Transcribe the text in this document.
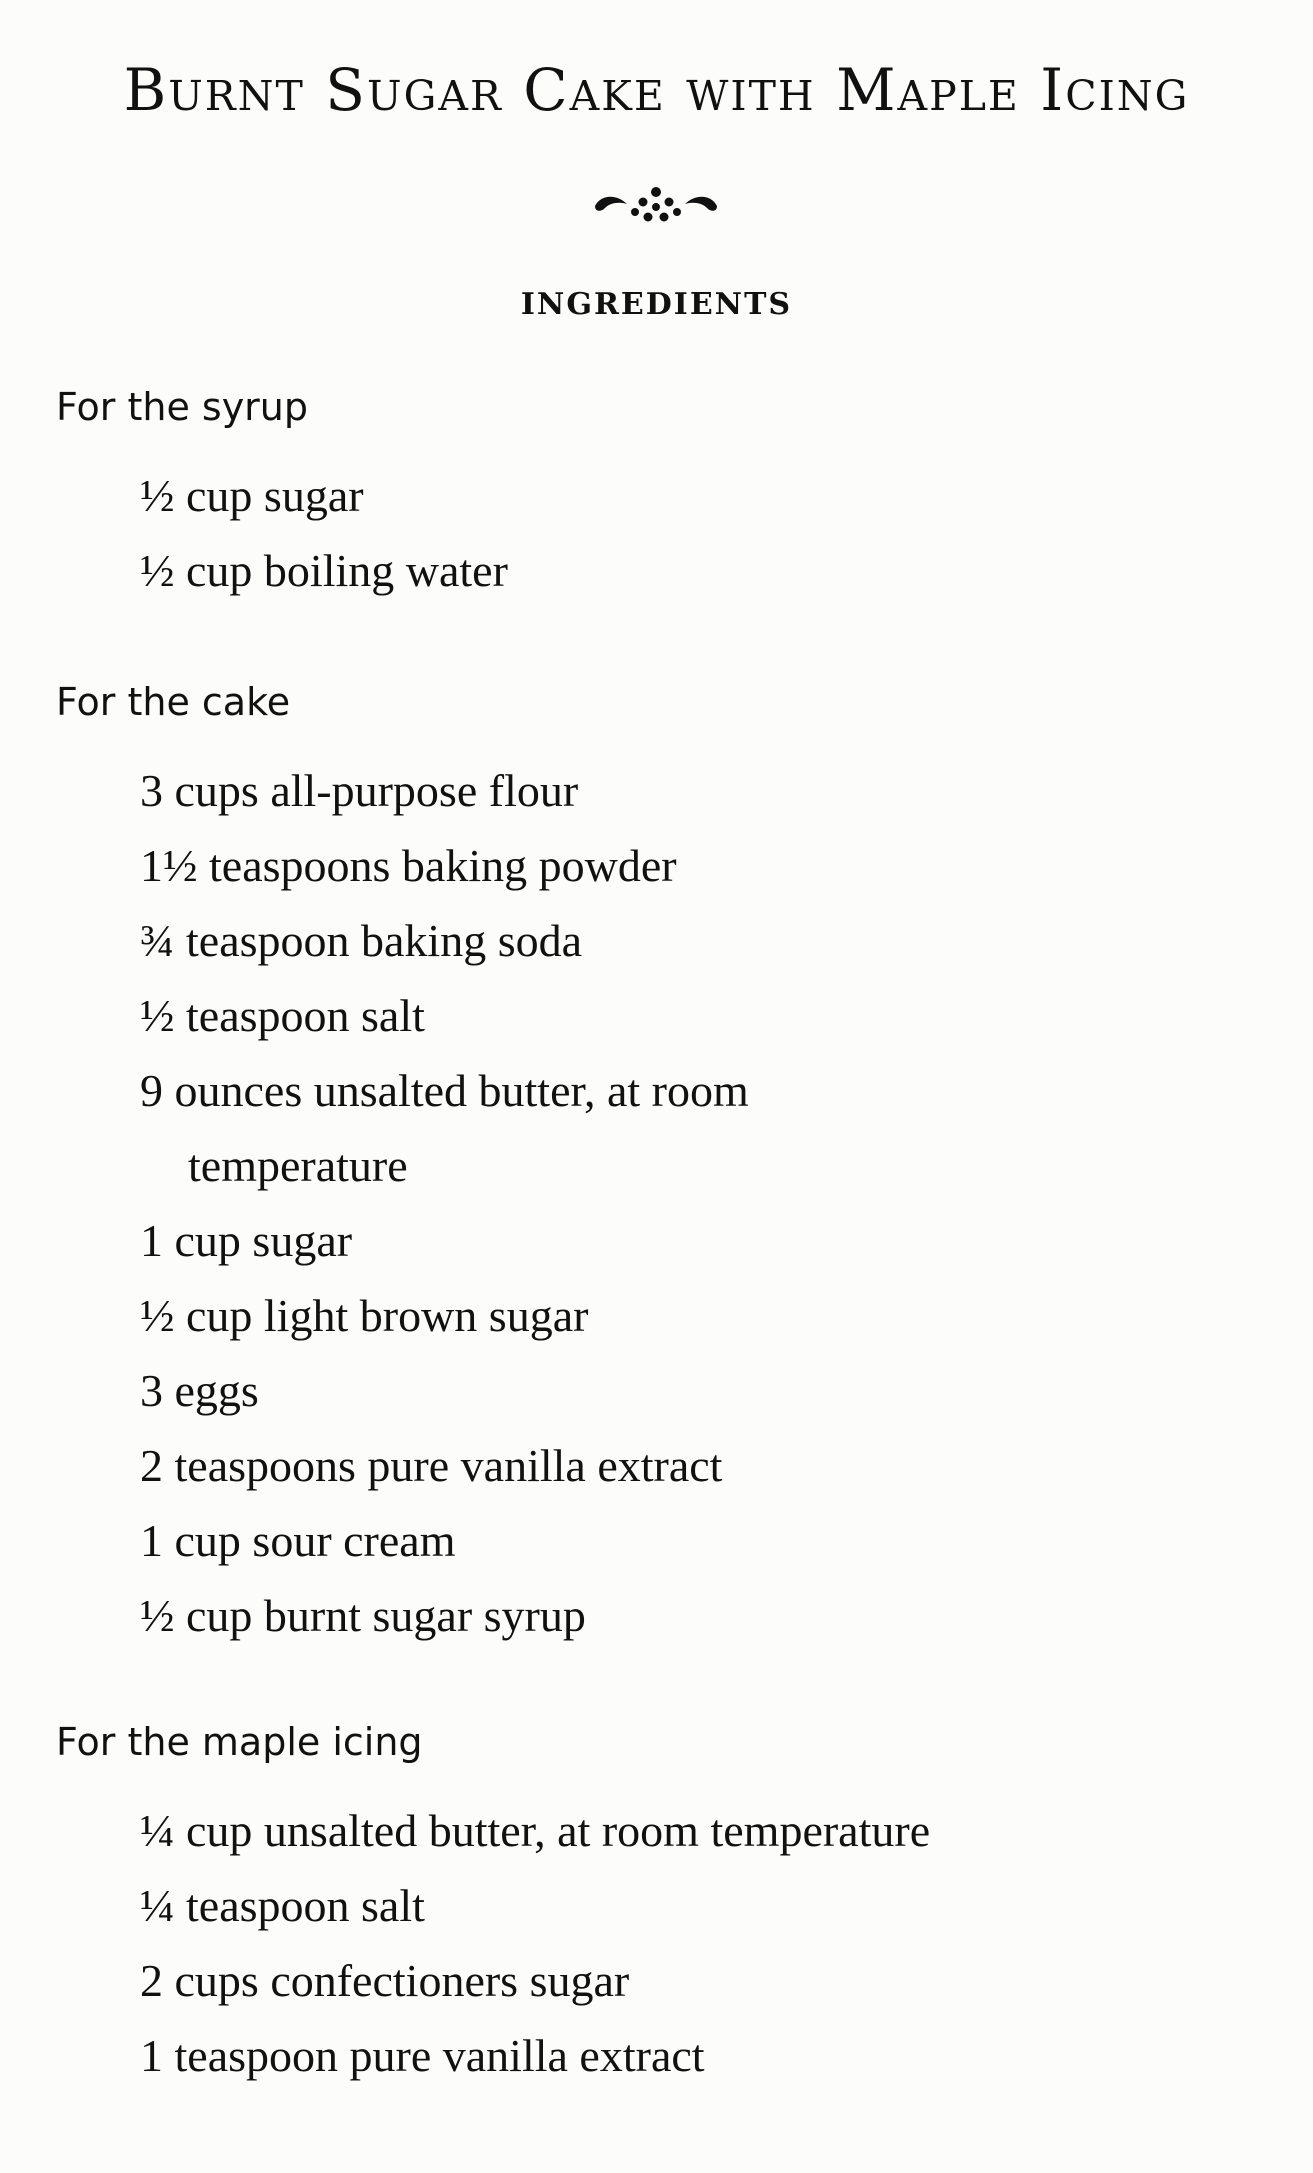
Burnt Sugar Cake with Maple Icing
INGREDIENTS

For the syrup

½ cup sugar
½ cup boiling water

For the cake

3 cups all-purpose flour
1½ teaspoons baking powder
¾ teaspoon baking soda
½ teaspoon salt
9 ounces unsalted butter, at room temperature
1 cup sugar
½ cup light brown sugar
3 eggs
2 teaspoons pure vanilla extract
1 cup sour cream
½ cup burnt sugar syrup

For the maple icing

¼ cup unsalted butter, at room temperature
¼ teaspoon salt
2 cups confectioners sugar
1 teaspoon pure vanilla extract
